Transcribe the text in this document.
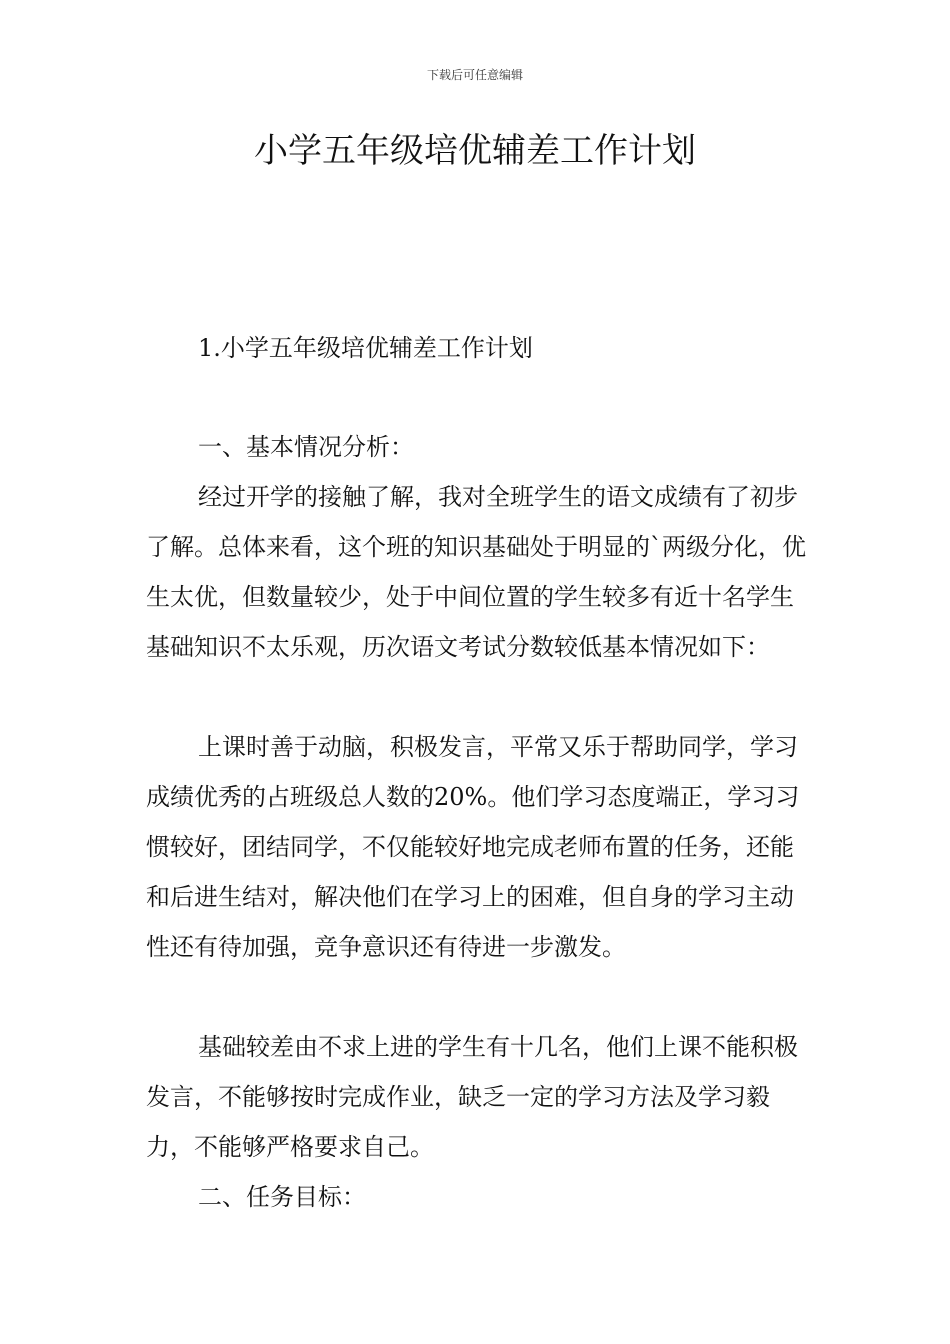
下载后可任意编辑
小学五年级培优辅差工作计划

1.小学五年级培优辅差工作计划

一、基本情况分析：

经过开学的接触了解，我对全班学生的语文成绩有了初步了解。总体来看，这个班的知识基础处于明显的`两级分化，优生太优，但数量较少，处于中间位置的学生较多有近十名学生基础知识不太乐观，历次语文考试分数较低基本情况如下：

上课时善于动脑，积极发言，平常又乐于帮助同学，学习成绩优秀的占班级总人数的20%。他们学习态度端正，学习习惯较好，团结同学，不仅能较好地完成老师布置的任务，还能和后进生结对，解决他们在学习上的困难，但自身的学习主动性还有待加强，竞争意识还有待进一步激发。

基础较差由不求上进的学生有十几名，他们上课不能积极发言，不能够按时完成作业，缺乏一定的学习方法及学习毅力，不能够严格要求自己。

二、任务目标：
